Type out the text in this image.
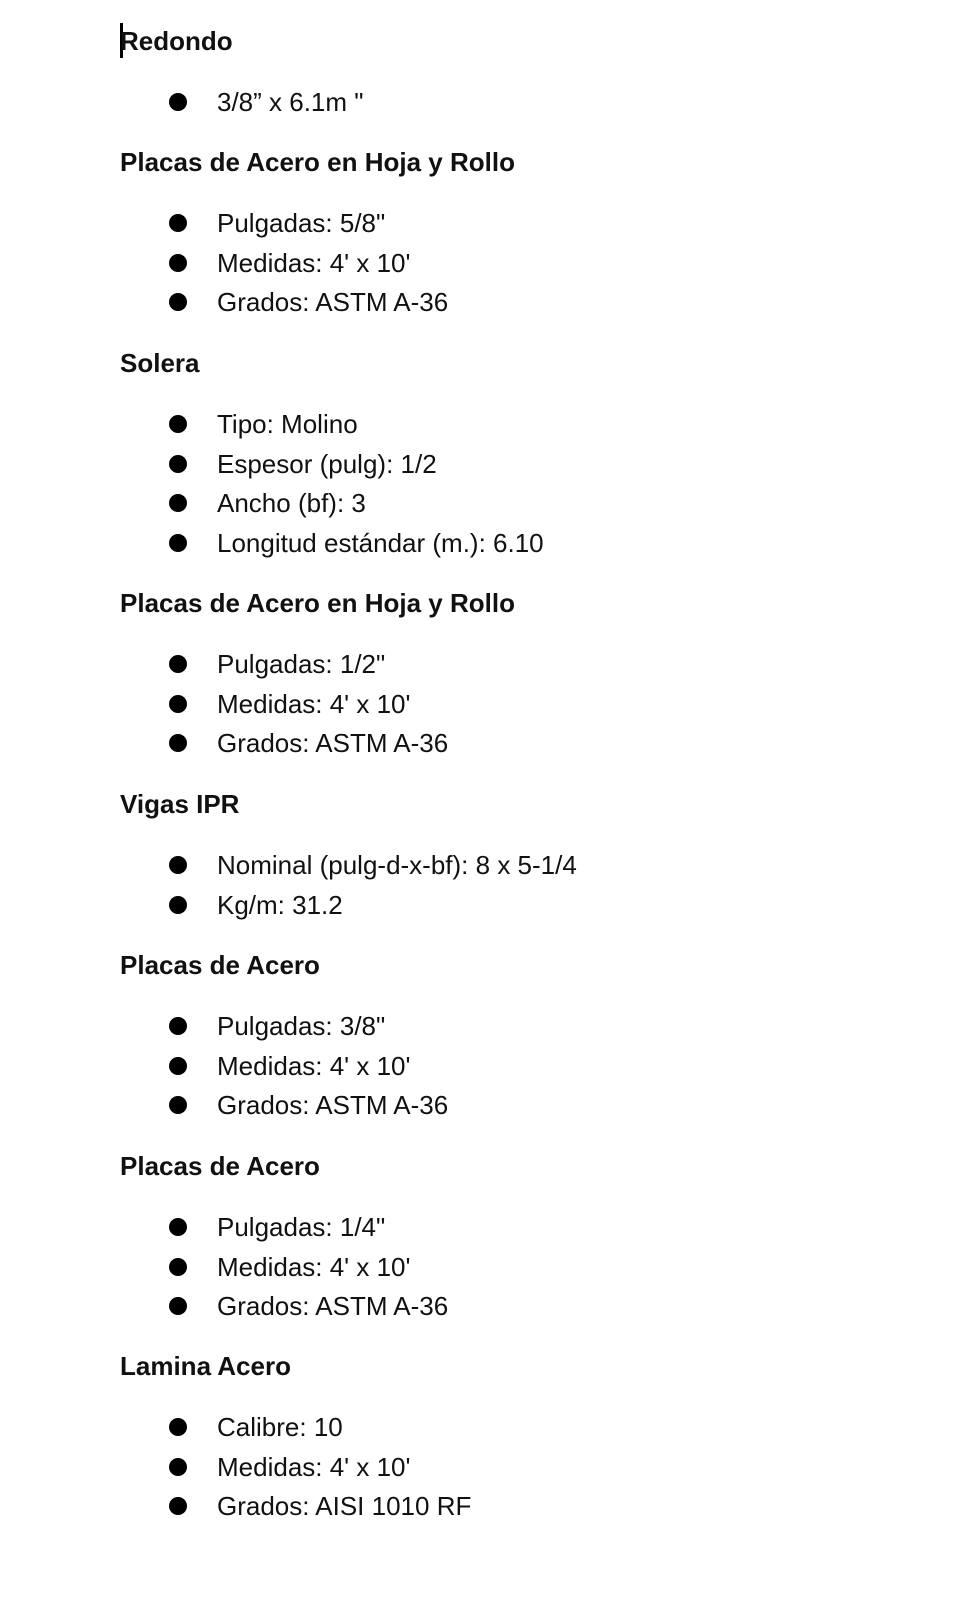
Redondo
3/8” x 6.1m "
Placas de Acero en Hoja y Rollo
Pulgadas: 5/8"
Medidas: 4' x 10'
Grados: ASTM A-36
Solera
Tipo: Molino
Espesor (pulg): 1/2
Ancho (bf): 3
Longitud estándar (m.): 6.10
Placas de Acero en Hoja y Rollo
Pulgadas: 1/2"
Medidas: 4' x 10'
Grados: ASTM A-36
Vigas IPR
Nominal (pulg-d-x-bf): 8 x 5-1/4
Kg/m: 31.2
Placas de Acero
Pulgadas: 3/8"
Medidas: 4' x 10'
Grados: ASTM A-36
Placas de Acero
Pulgadas: 1/4"
Medidas: 4' x 10'
Grados: ASTM A-36
Lamina Acero
Calibre: 10
Medidas: 4' x 10'
Grados: AISI 1010 RF
